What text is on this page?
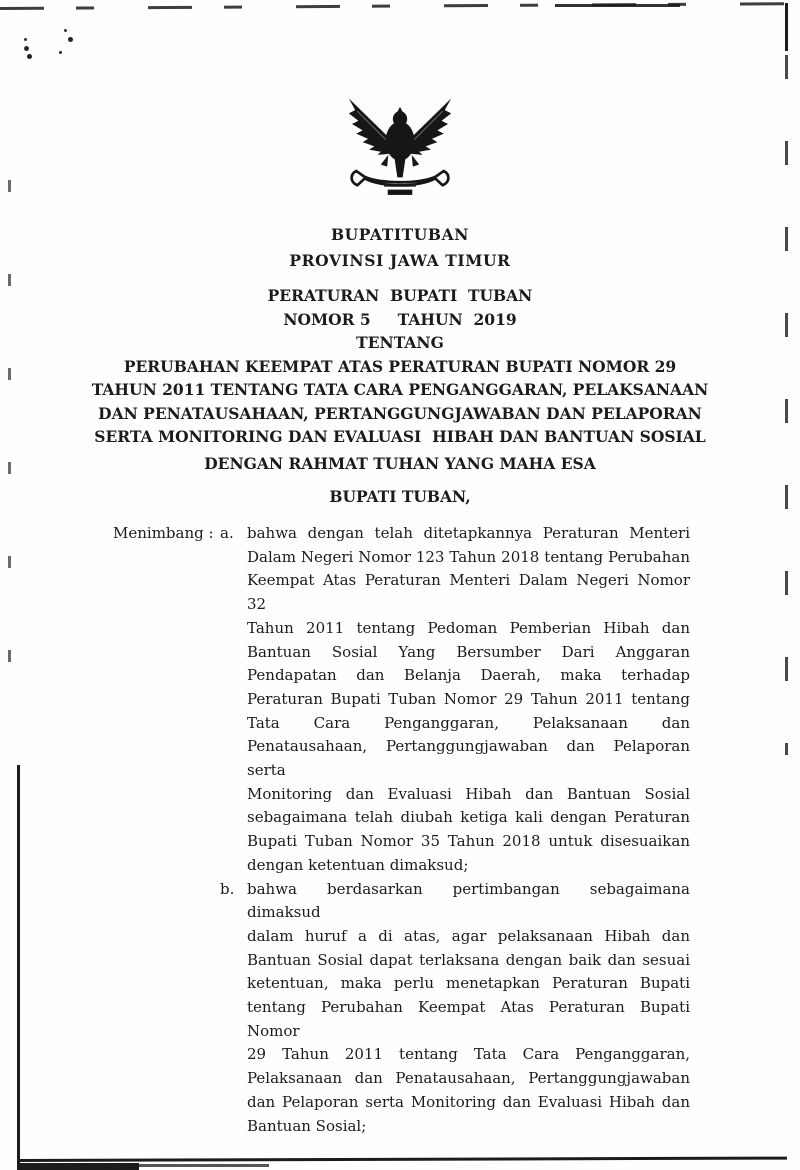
BUPATITUBAN
PROVINSI JAWA TIMUR
PERATURAN  BUPATI  TUBAN
NOMOR 5     TAHUN  2019
TENTANG
PERUBAHAN KEEMPAT ATAS PERATURAN BUPATI NOMOR 29
TAHUN 2011 TENTANG TATA CARA PENGANGGARAN, PELAKSANAAN
DAN PENATAUSAHAAN, PERTANGGUNGJAWABAN DAN PELAPORAN
SERTA MONITORING DAN EVALUASI  HIBAH DAN BANTUAN SOSIAL
DENGAN RAHMAT TUHAN YANG MAHA ESA
BUPATI TUBAN,
Menimbang : a. bahwa dengan telah ditetapkannya Peraturan Menteri
Dalam Negeri Nomor 123 Tahun 2018 tentang Perubahan
Keempat Atas Peraturan Menteri Dalam Negeri Nomor 32
Tahun 2011 tentang Pedoman Pemberian Hibah dan
Bantuan Sosial Yang Bersumber Dari Anggaran
Pendapatan dan Belanja Daerah, maka terhadap
Peraturan Bupati Tuban Nomor 29 Tahun 2011 tentang
Tata Cara Penganggaran, Pelaksanaan dan
Penatausahaan, Pertanggungjawaban dan Pelaporan serta
Monitoring dan Evaluasi Hibah dan Bantuan Sosial
sebagaimana telah diubah ketiga kali dengan Peraturan
Bupati Tuban Nomor 35 Tahun 2018 untuk disesuaikan
dengan ketentuan dimaksud;
b. bahwa berdasarkan pertimbangan sebagaimana dimaksud
dalam huruf a di atas, agar pelaksanaan Hibah dan
Bantuan Sosial dapat terlaksana dengan baik dan sesuai
ketentuan, maka perlu menetapkan Peraturan Bupati
tentang Perubahan Keempat Atas Peraturan Bupati Nomor
29 Tahun 2011 tentang Tata Cara Penganggaran,
Pelaksanaan dan Penatausahaan, Pertanggungjawaban
dan Pelaporan serta Monitoring dan Evaluasi Hibah dan
Bantuan Sosial;
